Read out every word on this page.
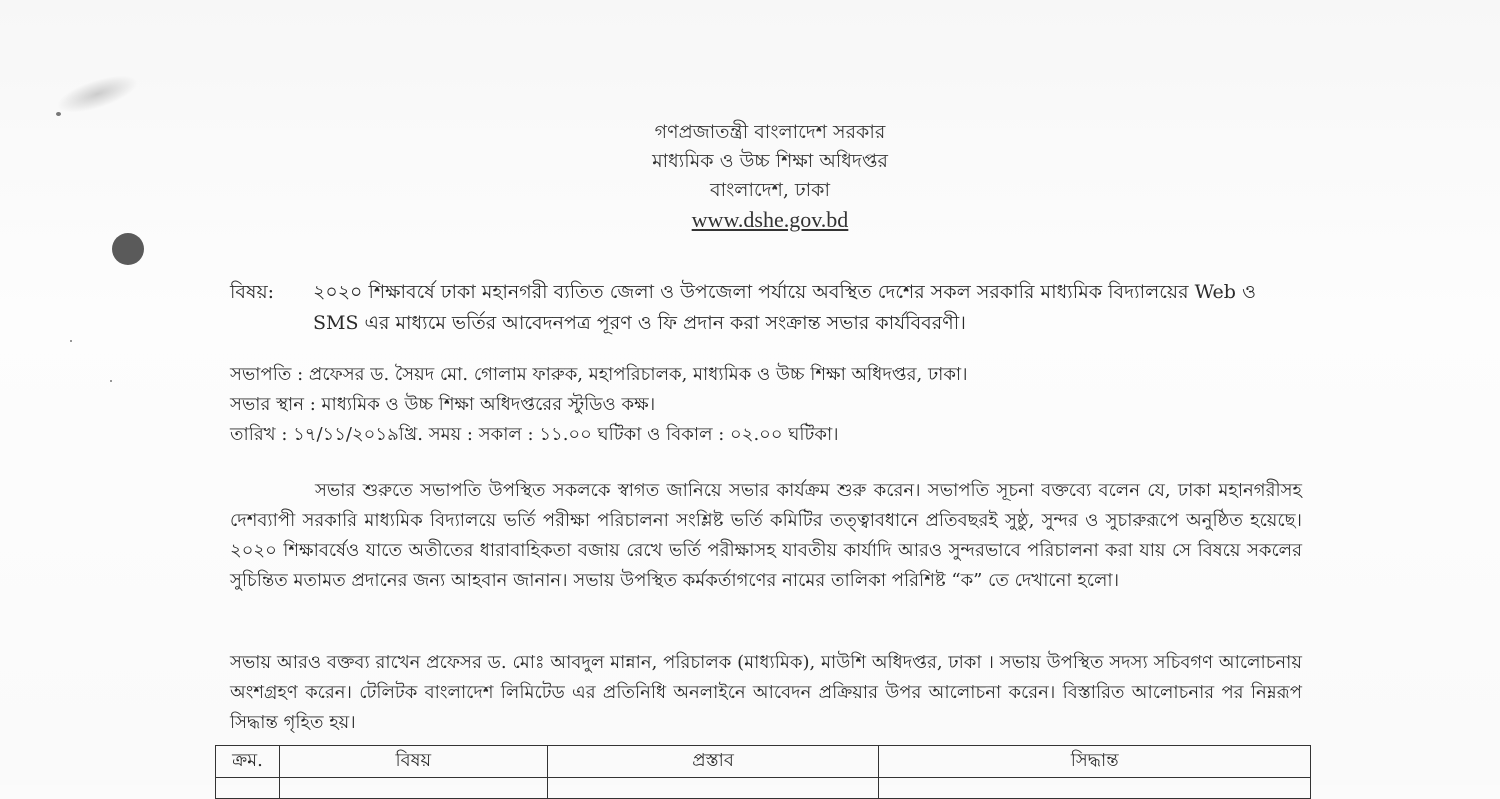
গণপ্রজাতন্ত্রী বাংলাদেশ সরকার
মাধ্যমিক ও উচ্চ শিক্ষা অধিদপ্তর
বাংলাদেশ, ঢাকা
www.dshe.gov.bd
বিষয়: ২০২০ শিক্ষাবর্ষে ঢাকা মহানগরী ব্যতিত জেলা ও উপজেলা পর্যায়ে অবস্থিত দেশের সকল সরকারি মাধ্যমিক বিদ্যালয়ের Web ও SMS এর মাধ্যমে ভর্তির আবেদনপত্র পূরণ ও ফি প্রদান করা সংক্রান্ত সভার কার্যবিবরণী।
সভাপতি : প্রফেসর ড. সৈয়দ মো. গোলাম ফারুক, মহাপরিচালক, মাধ্যমিক ও উচ্চ শিক্ষা অধিদপ্তর, ঢাকা।
সভার স্থান : মাধ্যমিক ও উচ্চ শিক্ষা অধিদপ্তরের স্টুডিও কক্ষ।
তারিখ : ১৭/১১/২০১৯খ্রি. সময় : সকাল : ১১.০০ ঘটিকা ও বিকাল : ০২.০০ ঘটিকা।
সভার শুরুতে সভাপতি উপস্থিত সকলকে স্বাগত জানিয়ে সভার কার্যক্রম শুরু করেন। সভাপতি সূচনা বক্তব্যে বলেন যে, ঢাকা মহানগরীসহ দেশব্যাপী সরকারি মাধ্যমিক বিদ্যালয়ে ভর্তি পরীক্ষা পরিচালনা সংশ্লিষ্ট ভর্তি কমিটির তত্ত্বাবধানে প্রতিবছরই সুষ্ঠু, সুন্দর ও সুচারুরূপে অনুষ্ঠিত হয়েছে। ২০২০ শিক্ষাবর্ষেও যাতে অতীতের ধারাবাহিকতা বজায় রেখে ভর্তি পরীক্ষাসহ যাবতীয় কার্যাদি আরও সুন্দরভাবে পরিচালনা করা যায় সে বিষয়ে সকলের সুচিন্তিত মতামত প্রদানের জন্য আহবান জানান। সভায় উপস্থিত কর্মকর্তাগণের নামের তালিকা পরিশিষ্ট “ক” তে দেখানো হলো।
সভায় আরও বক্তব্য রাখেন প্রফেসর ড. মোঃ আবদুল মান্নান, পরিচালক (মাধ্যমিক), মাউশি অধিদপ্তর, ঢাকা । সভায় উপস্থিত সদস্য সচিবগণ আলোচনায় অংশগ্রহণ করেন। টেলিটক বাংলাদেশ লিমিটেড এর প্রতিনিধি অনলাইনে আবেদন প্রক্রিয়ার উপর আলোচনা করেন। বিস্তারিত আলোচনার পর নিম্নরূপ সিদ্ধান্ত গৃহিত হয়।
ক্রম.	বিষয়	প্রস্তাব	সিদ্ধান্ত
